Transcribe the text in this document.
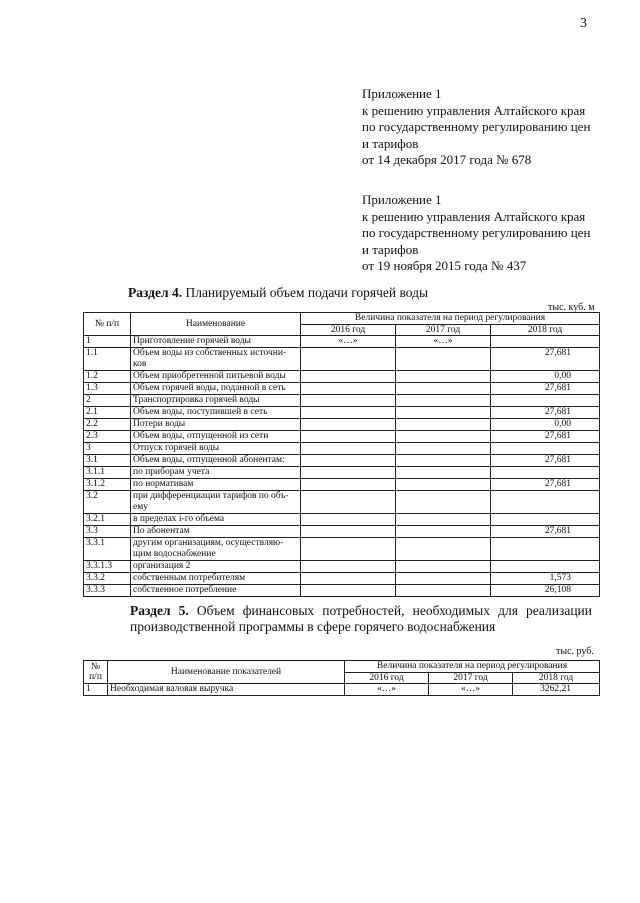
3
Приложение 1
к решению управления Алтайского края
по государственному регулированию цен
и тарифов
от 14 декабря 2017 года № 678
Приложение 1
к решению управления Алтайского края
по государственному регулированию цен
и тарифов
от 19 ноября 2015 года № 437
Раздел 4. Планируемый объем подачи горячей воды
тыс. куб. м
№ п/п	Наименование	Величина показателя на период регулирования		
		2016 год	2017 год	2018 год
1	Приготовление горячей воды	«…»	«…»	
1.1	Объем воды из собственных источни-ков			27,681
1.2	Объем приобретенной питьевой воды			0,00
1.3	Объем горячей воды, поданной в сеть			27,681
2	Транспортировка горячей воды			
2.1	Объем воды, поступившей в сеть			27,681
2.2	Потери воды			0,00
2.3	Объем воды, отпущенной из сети			27,681
3	Отпуск горячей воды			
3.1	Объем воды, отпущенной абонентам:			27,681
3.1.1	по приборам учета			
3.1.2	по нормативам			27,681
3.2	при дифференциации тарифов по объ-ему			
3.2.1	в пределах i-го объема			
3.3	По абонентам			27,681
3.3.1	другим организациям, осуществляю-щим водоснабжение			
3.3.1.3	организация 2			
3.3.2	собственным потребителям			1,573
3.3.3	собственное потребление			26,108
Раздел 5. Объем финансовых потребностей, необходимых для реализации производственной программы в сфере горячего водоснабжения
тыс. руб.
№
п/п	Наименование показателей	Величина показателя на период регулирования		
		2016 год	2017 год	2018 год
1	Необходимая валовая выручка	«…»	«…»	3262,21
